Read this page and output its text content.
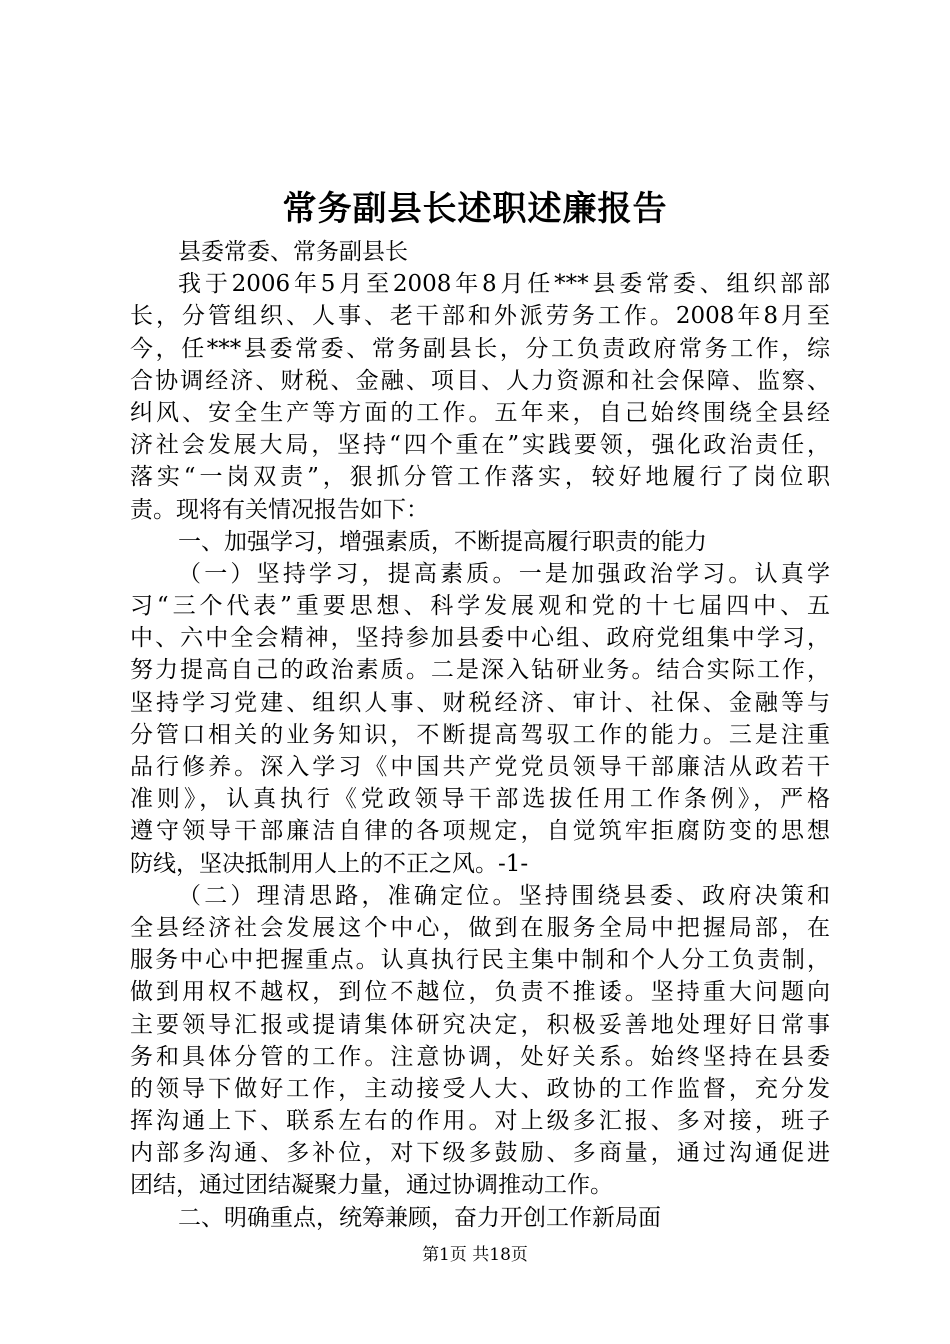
常务副县长述职述廉报告
县委常委、常务副县长
我于2006年5月至2008年8月任***县委常委、组织部部
长，分管组织、人事、老干部和外派劳务工作。2008年8月至
今，任***县委常委、常务副县长，分工负责政府常务工作，综
合协调经济、财税、金融、项目、人力资源和社会保障、监察、
纠风、安全生产等方面的工作。五年来，自己始终围绕全县经
济社会发展大局，坚持“四个重在”实践要领，强化政治责任，
落实“一岗双责”，狠抓分管工作落实，较好地履行了岗位职
责。现将有关情况报告如下：
一、加强学习，增强素质，不断提高履行职责的能力
（一）坚持学习，提高素质。一是加强政治学习。认真学
习“三个代表”重要思想、科学发展观和党的十七届四中、五
中、六中全会精神，坚持参加县委中心组、政府党组集中学习，
努力提高自己的政治素质。二是深入钻研业务。结合实际工作，
坚持学习党建、组织人事、财税经济、审计、社保、金融等与
分管口相关的业务知识，不断提高驾驭工作的能力。三是注重
品行修养。深入学习《中国共产党党员领导干部廉洁从政若干
准则》，认真执行《党政领导干部选拔任用工作条例》，严格
遵守领导干部廉洁自律的各项规定，自觉筑牢拒腐防变的思想
防线，坚决抵制用人上的不正之风。-1-
（二）理清思路，准确定位。坚持围绕县委、政府决策和
全县经济社会发展这个中心，做到在服务全局中把握局部，在
服务中心中把握重点。认真执行民主集中制和个人分工负责制，
做到用权不越权，到位不越位，负责不推诿。坚持重大问题向
主要领导汇报或提请集体研究决定，积极妥善地处理好日常事
务和具体分管的工作。注意协调，处好关系。始终坚持在县委
的领导下做好工作，主动接受人大、政协的工作监督，充分发
挥沟通上下、联系左右的作用。对上级多汇报、多对接，班子
内部多沟通、多补位，对下级多鼓励、多商量，通过沟通促进
团结，通过团结凝聚力量，通过协调推动工作。
二、明确重点，统筹兼顾，奋力开创工作新局面
第1页 共18页
